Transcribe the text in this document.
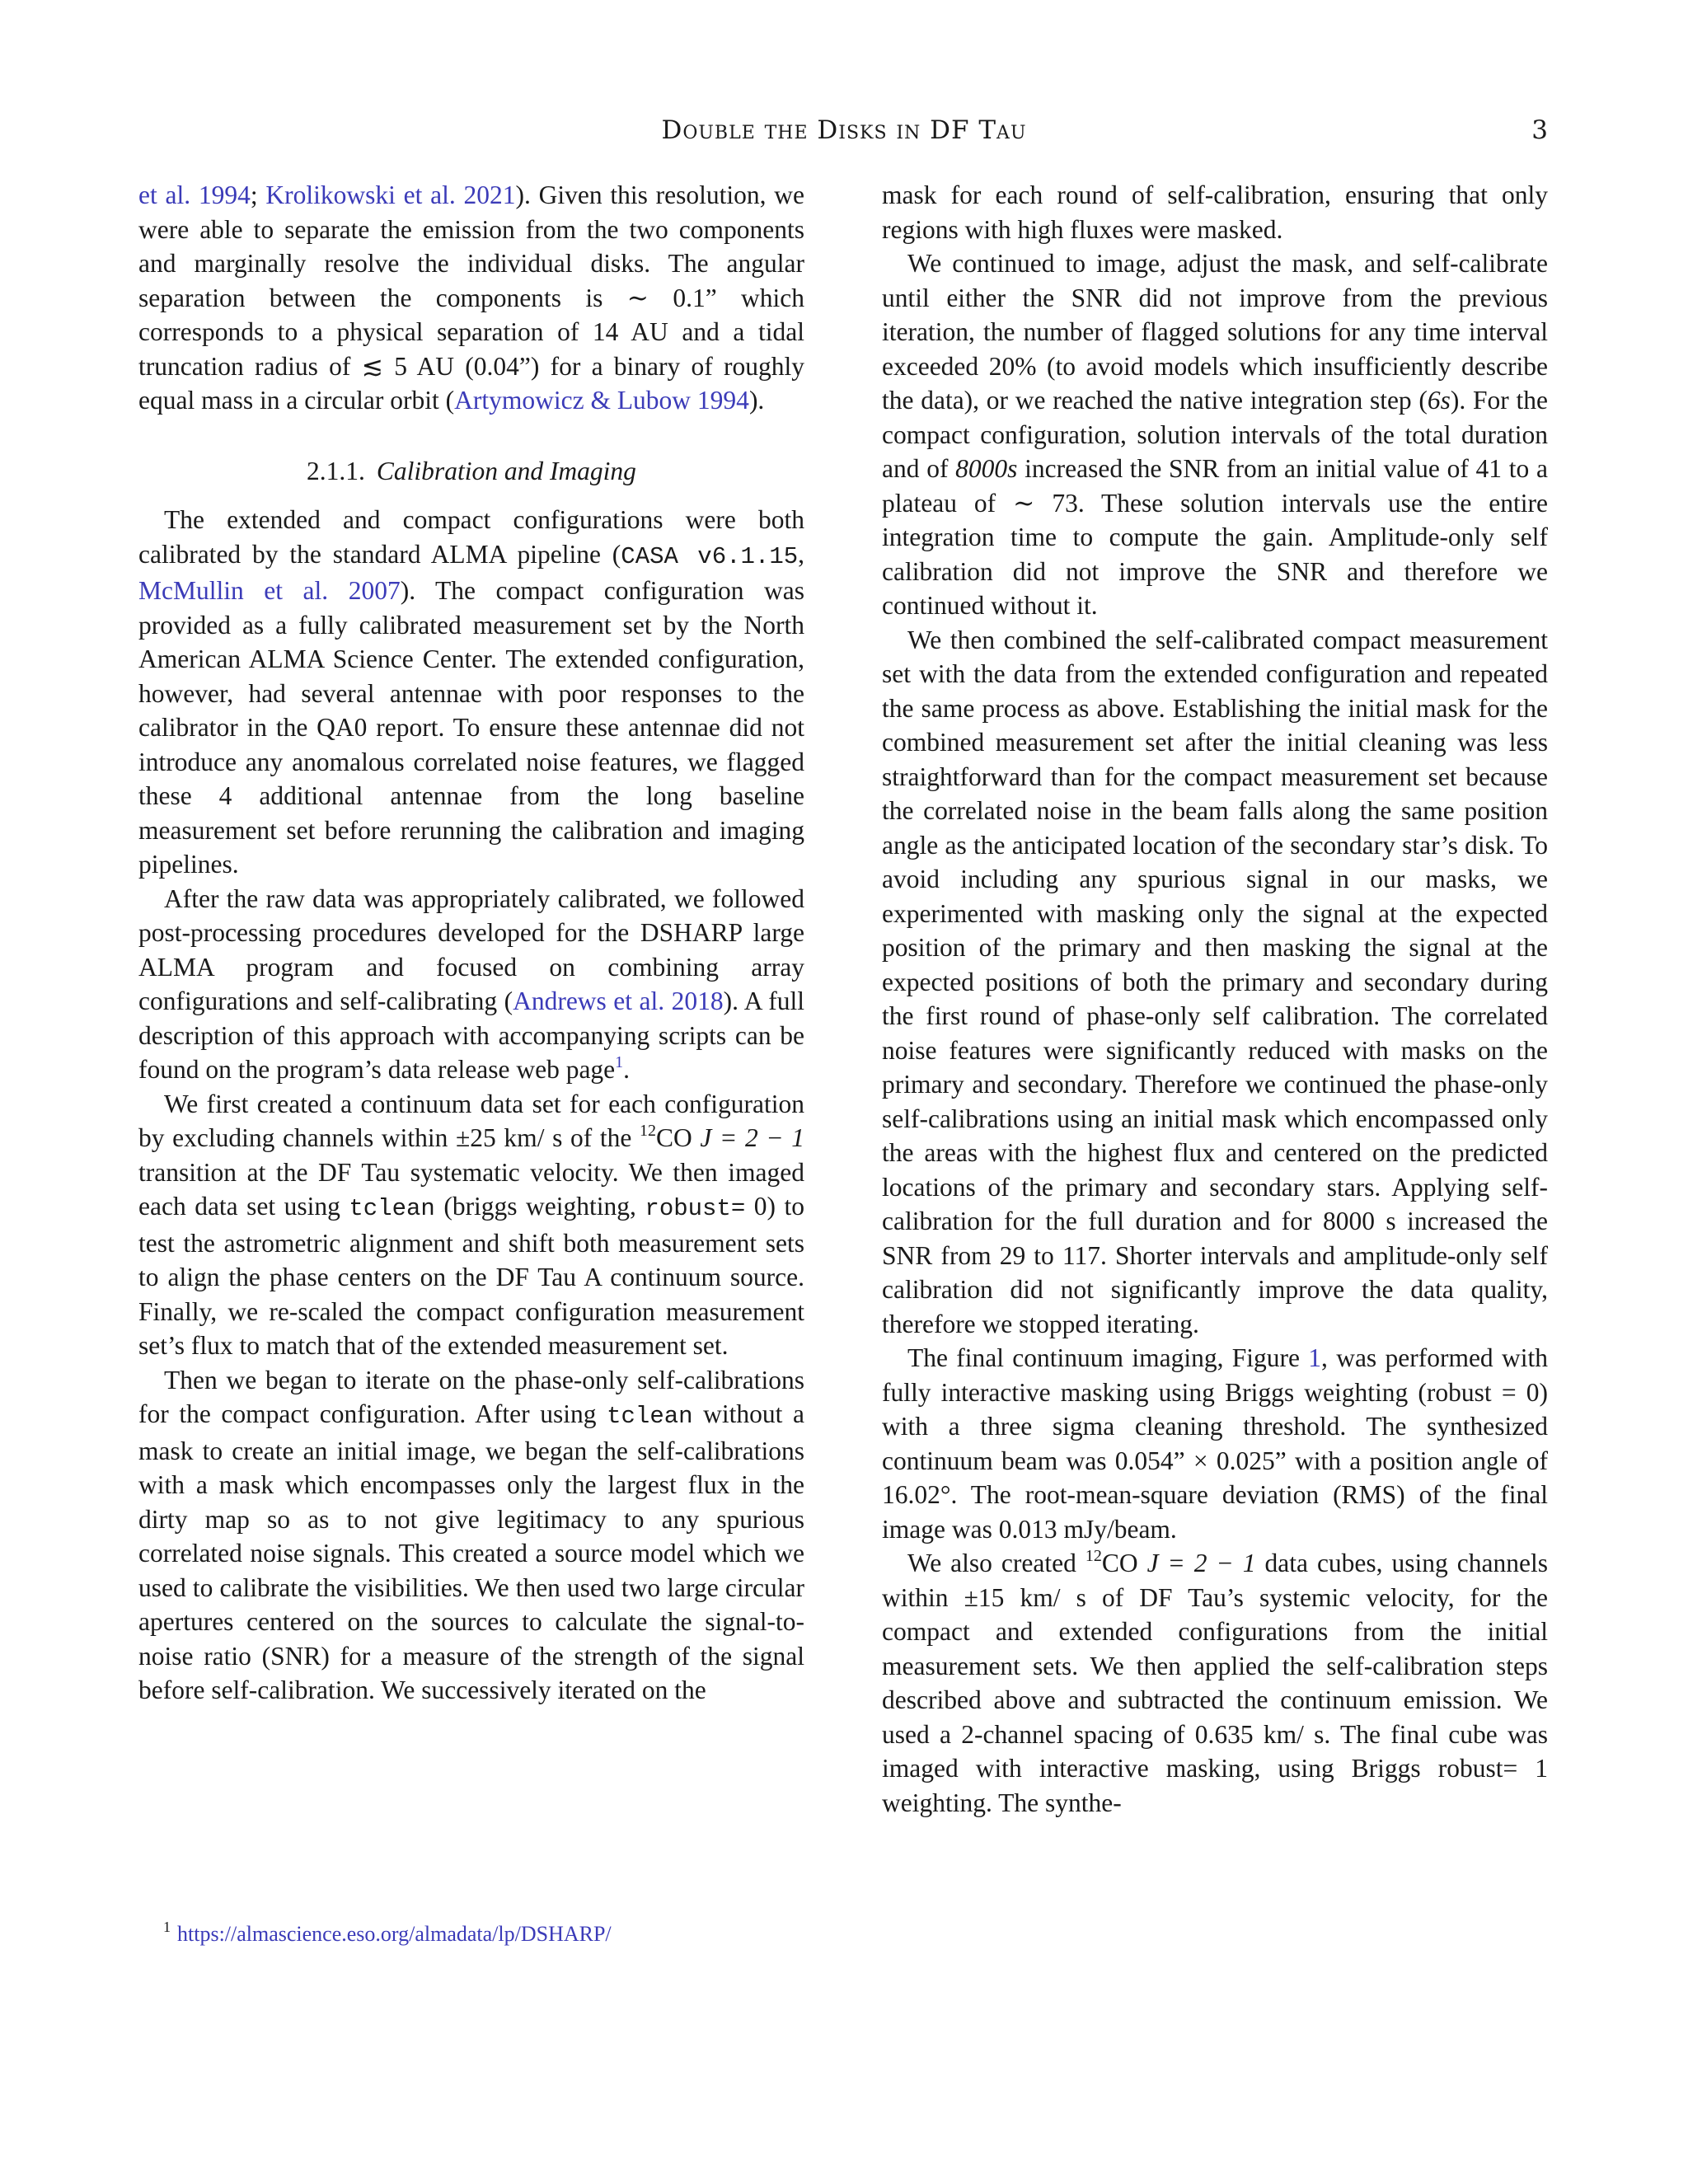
Double the Disks in DF Tau	3

et al. 1994; Krolikowski et al. 2021). Given this resolution, we were able to separate the emission from the two components and marginally resolve the individual disks. The angular separation between the components is ∼ 0.1” which corresponds to a physical separation of 14 AU and a tidal truncation radius of ≲ 5 AU (0.04”) for a binary of roughly equal mass in a circular orbit (Artymowicz & Lubow 1994).

2.1.1. Calibration and Imaging

The extended and compact configurations were both calibrated by the standard ALMA pipeline (CASA v6.1.15, McMullin et al. 2007). The compact configuration was provided as a fully calibrated measurement set by the North American ALMA Science Center. The extended configuration, however, had several antennae with poor responses to the calibrator in the QA0 report. To ensure these antennae did not introduce any anomalous correlated noise features, we flagged these 4 additional antennae from the long baseline measurement set before rerunning the calibration and imaging pipelines.

After the raw data was appropriately calibrated, we followed post-processing procedures developed for the DSHARP large ALMA program and focused on combining array configurations and self-calibrating (Andrews et al. 2018). A full description of this approach with accompanying scripts can be found on the program’s data release web page$^1$.

We first created a continuum data set for each configuration by excluding channels within ±25 km/ s of the $^{12}$CO J = 2 − 1 transition at the DF Tau systematic velocity. We then imaged each data set using tclean (briggs weighting, robust= 0) to test the astrometric alignment and shift both measurement sets to align the phase centers on the DF Tau A continuum source. Finally, we re-scaled the compact configuration measurement set’s flux to match that of the extended measurement set.

Then we began to iterate on the phase-only self-calibrations for the compact configuration. After using tclean without a mask to create an initial image, we began the self-calibrations with a mask which encompasses only the largest flux in the dirty map so as to not give legitimacy to any spurious correlated noise signals. This created a source model which we used to calibrate the visibilities. We then used two large circular apertures centered on the sources to calculate the signal-to-noise ratio (SNR) for a measure of the strength of the signal before self-calibration. We successively iterated on the

$^1$ https://almascience.eso.org/almadata/lp/DSHARP/

mask for each round of self-calibration, ensuring that only regions with high fluxes were masked.

We continued to image, adjust the mask, and self-calibrate until either the SNR did not improve from the previous iteration, the number of flagged solutions for any time interval exceeded 20% (to avoid models which insufficiently describe the data), or we reached the native integration step (6s). For the compact configuration, solution intervals of the total duration and of 8000s increased the SNR from an initial value of 41 to a plateau of ∼ 73. These solution intervals use the entire integration time to compute the gain. Amplitude-only self calibration did not improve the SNR and therefore we continued without it.

We then combined the self-calibrated compact measurement set with the data from the extended configuration and repeated the same process as above. Establishing the initial mask for the combined measurement set after the initial cleaning was less straightforward than for the compact measurement set because the correlated noise in the beam falls along the same position angle as the anticipated location of the secondary star’s disk. To avoid including any spurious signal in our masks, we experimented with masking only the signal at the expected position of the primary and then masking the signal at the expected positions of both the primary and secondary during the first round of phase-only self calibration. The correlated noise features were significantly reduced with masks on the primary and secondary. Therefore we continued the phase-only self-calibrations using an initial mask which encompassed only the areas with the highest flux and centered on the predicted locations of the primary and secondary stars. Applying self-calibration for the full duration and for 8000 s increased the SNR from 29 to 117. Shorter intervals and amplitude-only self calibration did not significantly improve the data quality, therefore we stopped iterating.

The final continuum imaging, Figure 1, was performed with fully interactive masking using Briggs weighting (robust = 0) with a three sigma cleaning threshold. The synthesized continuum beam was 0.054” × 0.025” with a position angle of 16.02°. The root-mean-square deviation (RMS) of the final image was 0.013 mJy/beam.

We also created $^{12}$CO J = 2 − 1 data cubes, using channels within ±15 km/ s of DF Tau’s systemic velocity, for the compact and extended configurations from the initial measurement sets. We then applied the self-calibration steps described above and subtracted the continuum emission. We used a 2-channel spacing of 0.635 km/ s. The final cube was imaged with interactive masking, using Briggs robust= 1 weighting. The synthe-
